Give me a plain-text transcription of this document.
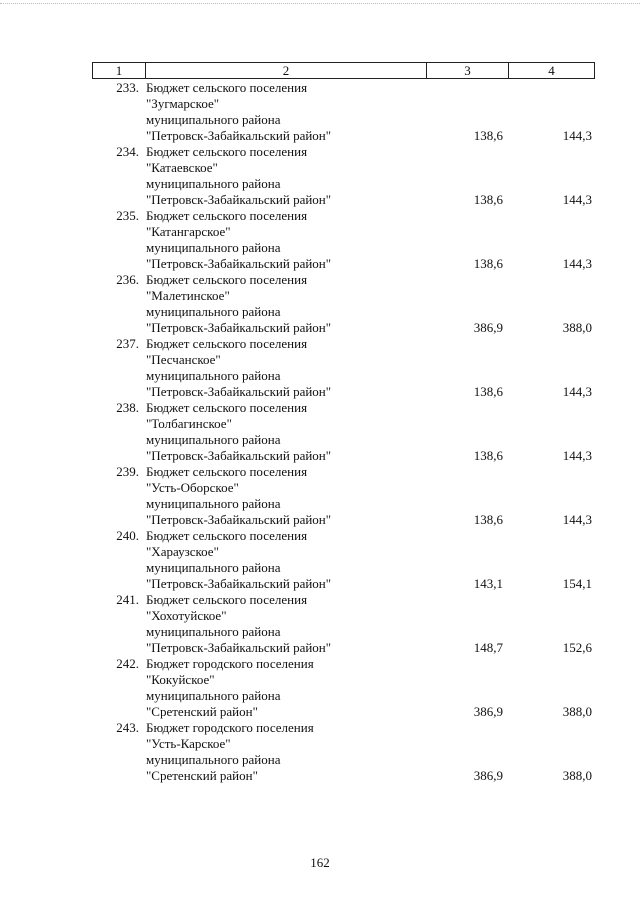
1	2	3	4
233. Бюджет сельского поселения
"Зугмарское"
муниципального района
"Петровск-Забайкальский район"	138,6	144,3
234. Бюджет сельского поселения
"Катаевское"
муниципального района
"Петровск-Забайкальский район"	138,6	144,3
235. Бюджет сельского поселения
"Катангарское"
муниципального района
"Петровск-Забайкальский район"	138,6	144,3
236. Бюджет сельского поселения
"Малетинское"
муниципального района
"Петровск-Забайкальский район"	386,9	388,0
237. Бюджет сельского поселения
"Песчанское"
муниципального района
"Петровск-Забайкальский район"	138,6	144,3
238. Бюджет сельского поселения
"Толбагинское"
муниципального района
"Петровск-Забайкальский район"	138,6	144,3
239. Бюджет сельского поселения
"Усть-Оборское"
муниципального района
"Петровск-Забайкальский район"	138,6	144,3
240. Бюджет сельского поселения
"Хараузское"
муниципального района
"Петровск-Забайкальский район"	143,1	154,1
241. Бюджет сельского поселения
"Хохотуйское"
муниципального района
"Петровск-Забайкальский район"	148,7	152,6
242. Бюджет городского поселения
"Кокуйское"
муниципального района
"Сретенский район"	386,9	388,0
243. Бюджет городского поселения
"Усть-Карское"
муниципального района
"Сретенский район"	386,9	388,0
162
